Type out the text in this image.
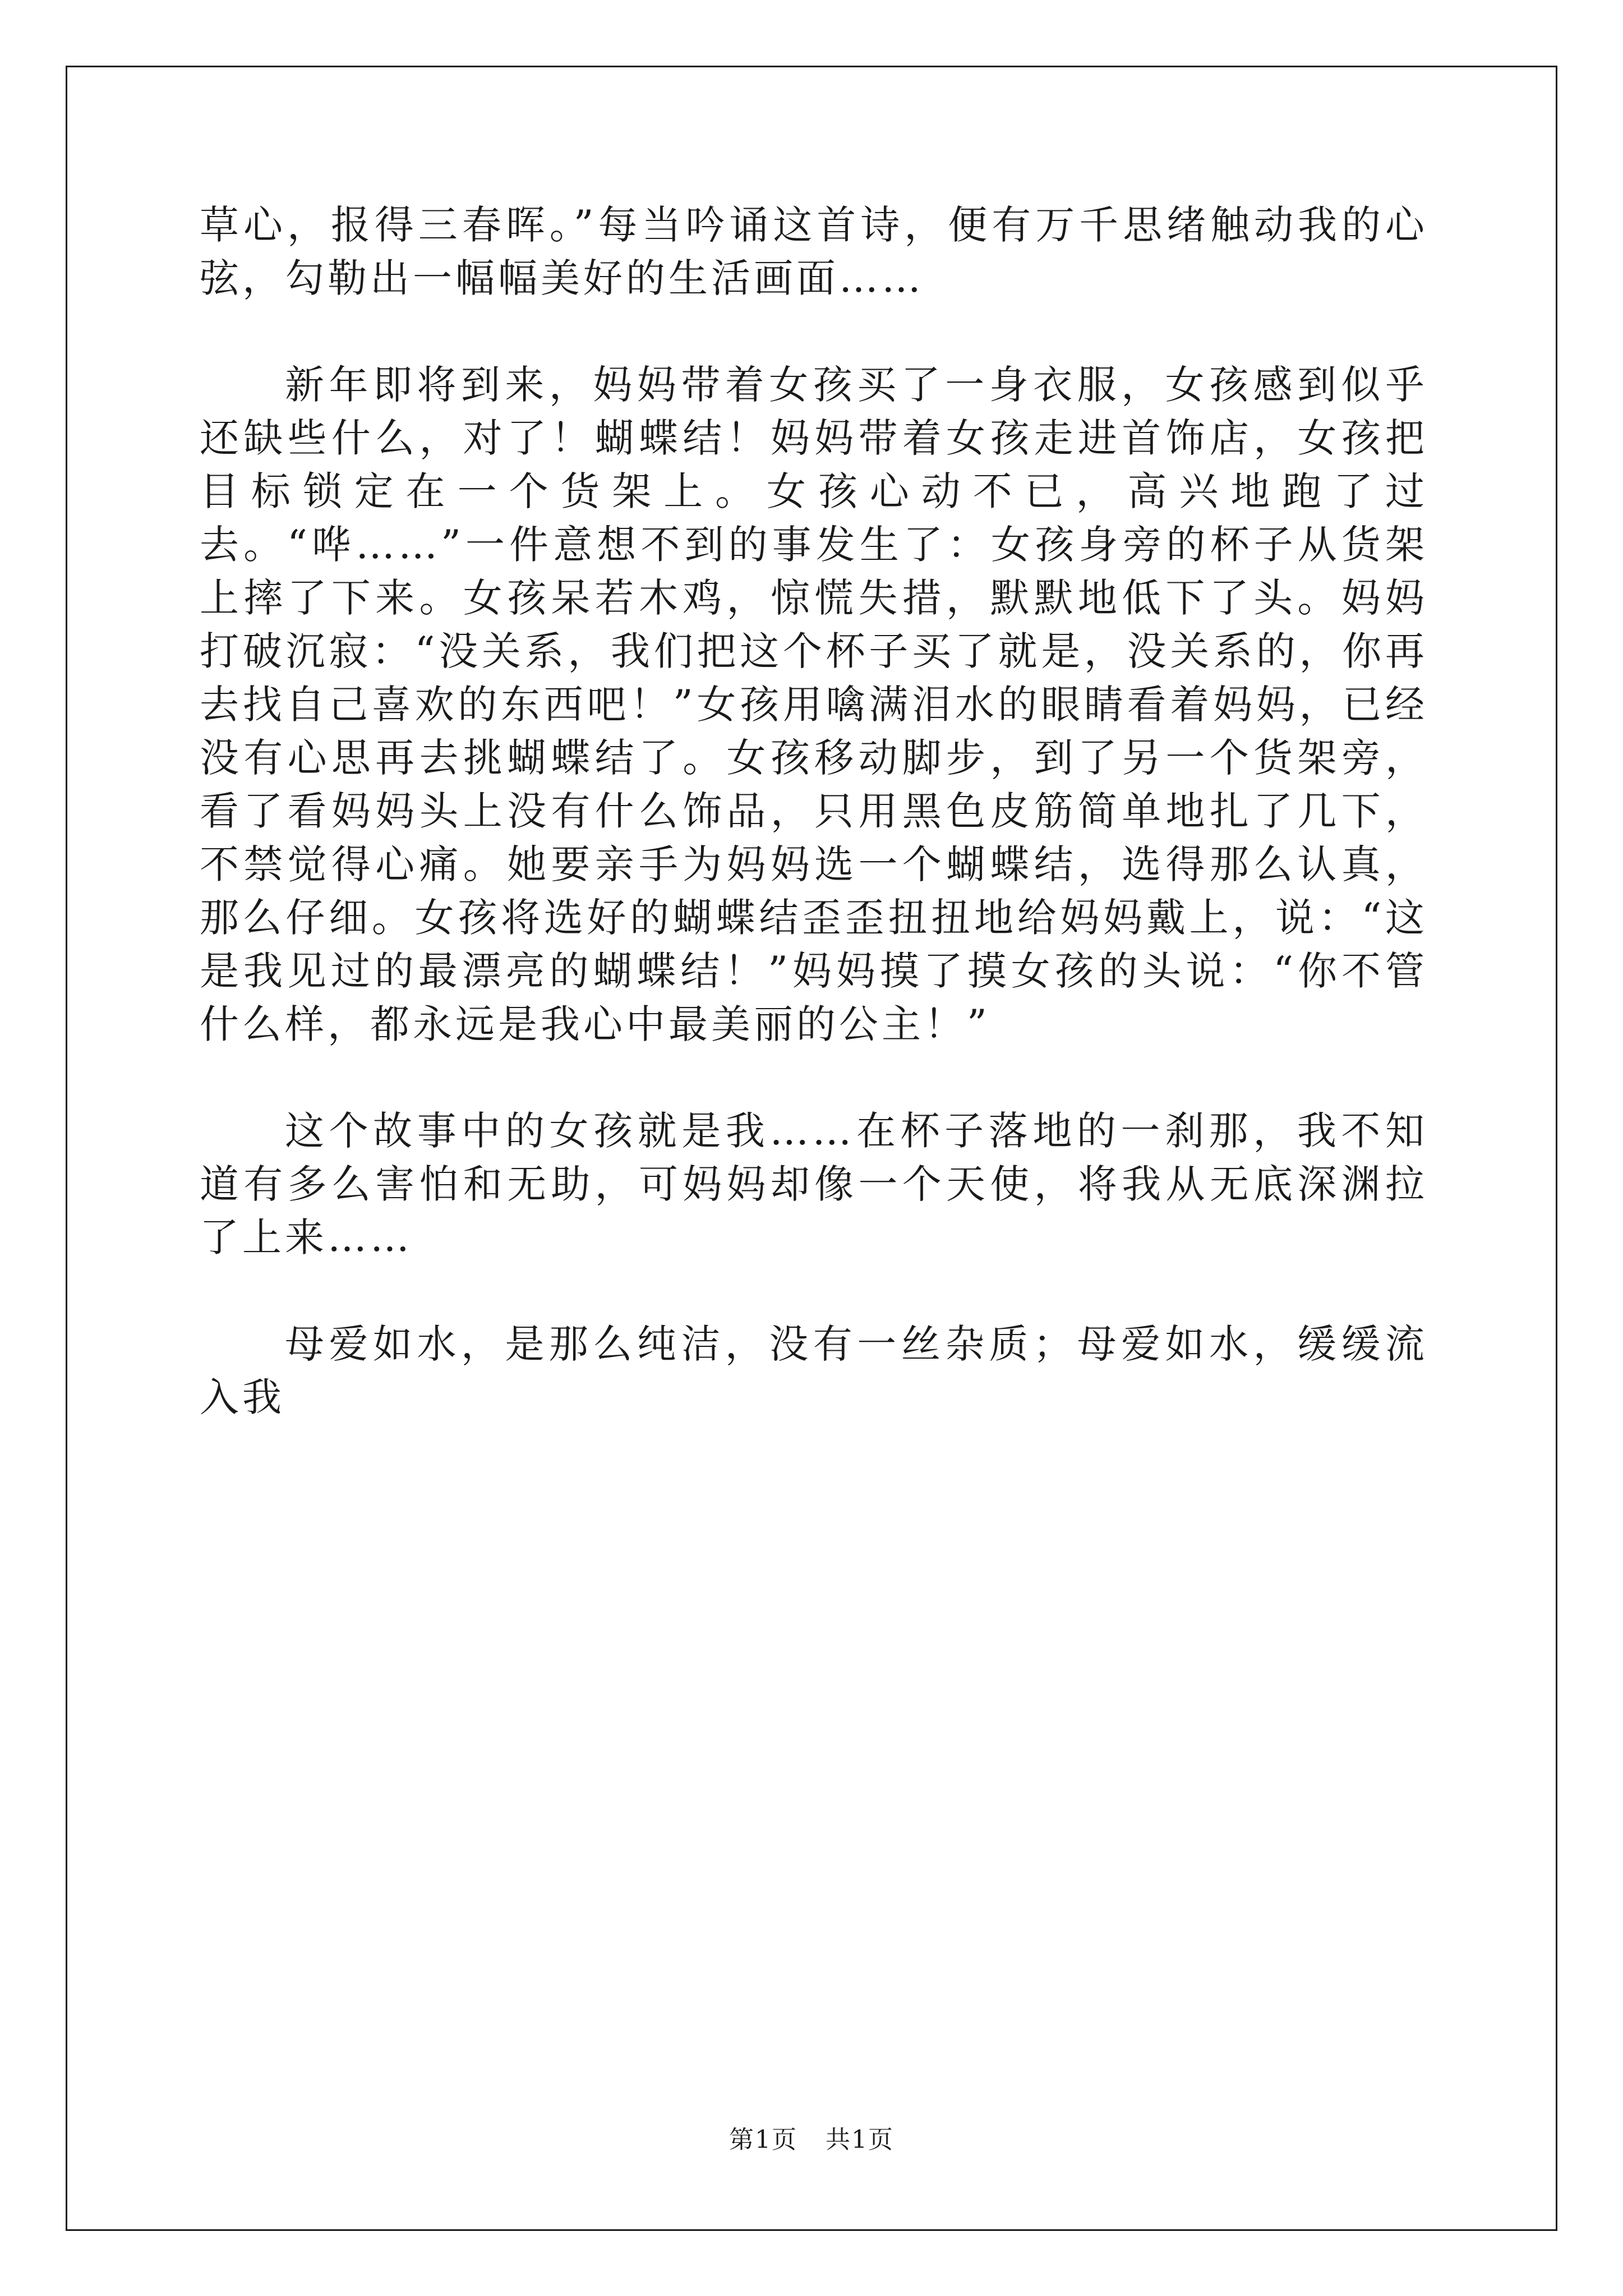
草心，报得三春晖。”每当吟诵这首诗，便有万千思绪触动我的心弦，勾勒出一幅幅美好的生活画面……

新年即将到来，妈妈带着女孩买了一身衣服，女孩感到似乎还缺些什么，对了！蝴蝶结！妈妈带着女孩走进首饰店，女孩把目标锁定在一个货架上。女孩心动不已，高兴地跑了过去。“哗……”一件意想不到的事发生了：女孩身旁的杯子从货架上摔了下来。女孩呆若木鸡，惊慌失措，默默地低下了头。妈妈打破沉寂：“没关系，我们把这个杯子买了就是，没关系的，你再去找自己喜欢的东西吧！”女孩用噙满泪水的眼睛看着妈妈，已经没有心思再去挑蝴蝶结了。女孩移动脚步，到了另一个货架旁，看了看妈妈头上没有什么饰品，只用黑色皮筋简单地扎了几下，不禁觉得心痛。她要亲手为妈妈选一个蝴蝶结，选得那么认真，那么仔细。女孩将选好的蝴蝶结歪歪扭扭地给妈妈戴上，说：“这是我见过的最漂亮的蝴蝶结！”妈妈摸了摸女孩的头说：“你不管什么样，都永远是我心中最美丽的公主！”

这个故事中的女孩就是我……在杯子落地的一刹那，我不知道有多么害怕和无助，可妈妈却像一个天使，将我从无底深渊拉了上来……

母爱如水，是那么纯洁，没有一丝杂质；母爱如水，缓缓流入我

第1页 共1页
